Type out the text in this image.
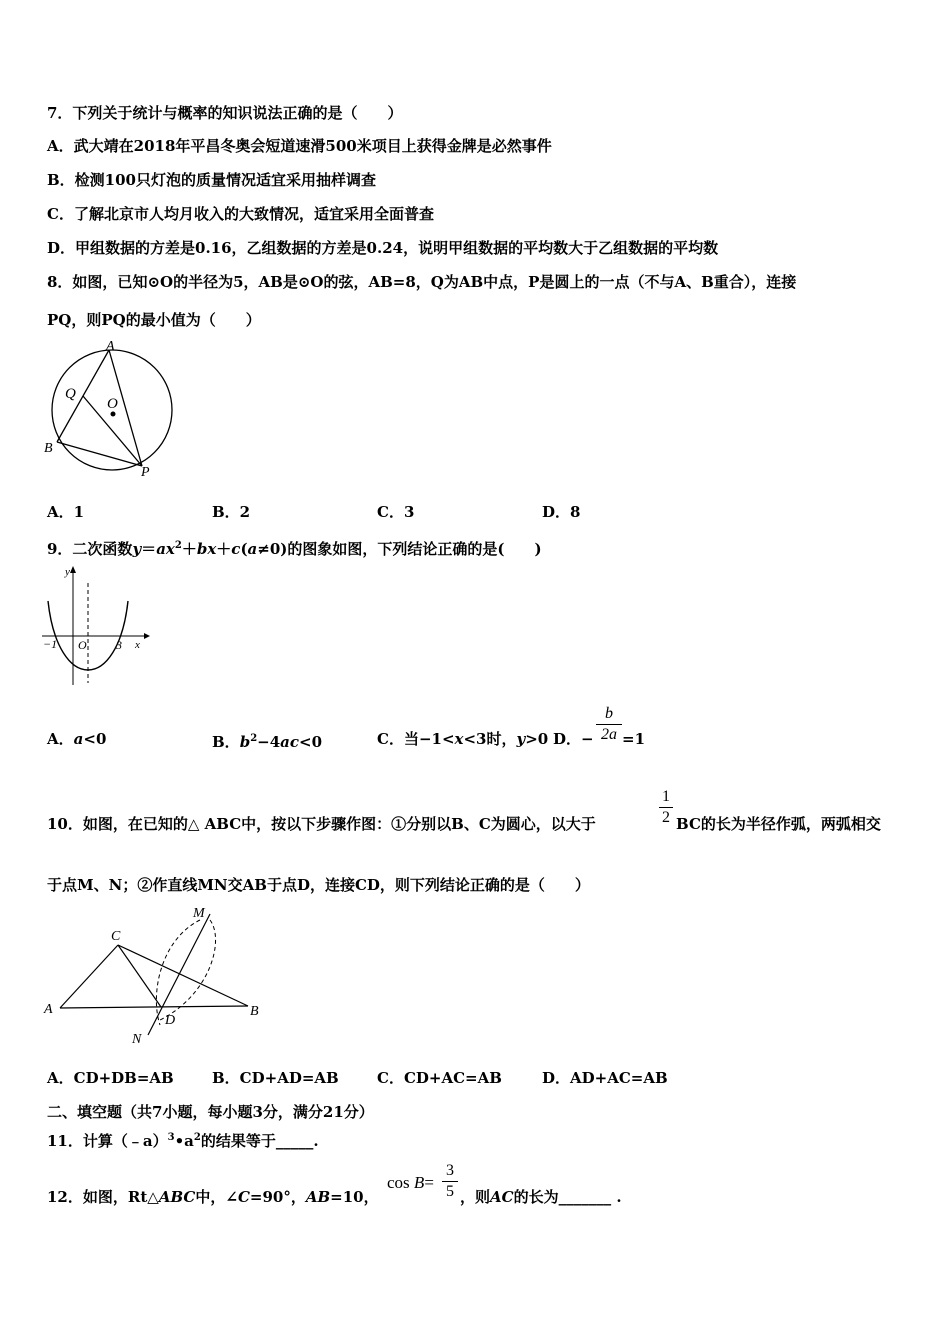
7．下列关于统计与概率的知识说法正确的是（　　）
A．武大靖在2018年平昌冬奥会短道速滑500米项目上获得金牌是必然事件
B．检测100只灯泡的质量情况适宜采用抽样调查
C．了解北京市人均月收入的大致情况，适宜采用全面普查
D．甲组数据的方差是0.16，乙组数据的方差是0.24，说明甲组数据的平均数大于乙组数据的平均数
8．如图，已知⊙O的半径为5，AB是⊙O的弦，AB=8，Q为AB中点，P是圆上的一点（不与A、B重合），连接
PQ，则PQ的最小值为（　　）
A
B
P
Q
O
A．1	B．2	C．3	D．8
9．二次函数$y=ax^2+bx+c(a\ne 0)$的图象如图，下列结论正确的是(　　)
y
x
O
−1	3
A．a<0	B．$b^2-4ac<0$	C．当−1<x<3时，y>0 D．−
b
2a =1
10．如图，在已知的△ ABC中，按以下步骤作图：①分别以B、C为圆心，以大于
1
2 BC的长为半径作弧，两弧相交
于点M、N；②作直线MN交AB于点D，连接CD，则下列结论正确的是（　　）
A	B
C
D
M
N
A．CD+DB=AB	B．CD+AD=AB	C．CD+AC=AB	D．AD+AC=AB
二、填空题（共7小题，每小题3分，满分21分）
11．计算$(﹣a)^3•a^2$的结果等于_____.
12．如图，Rt△ABC中，∠C=90°，AB=10，
cos B=
3
5 ，则AC的长为_______ .
